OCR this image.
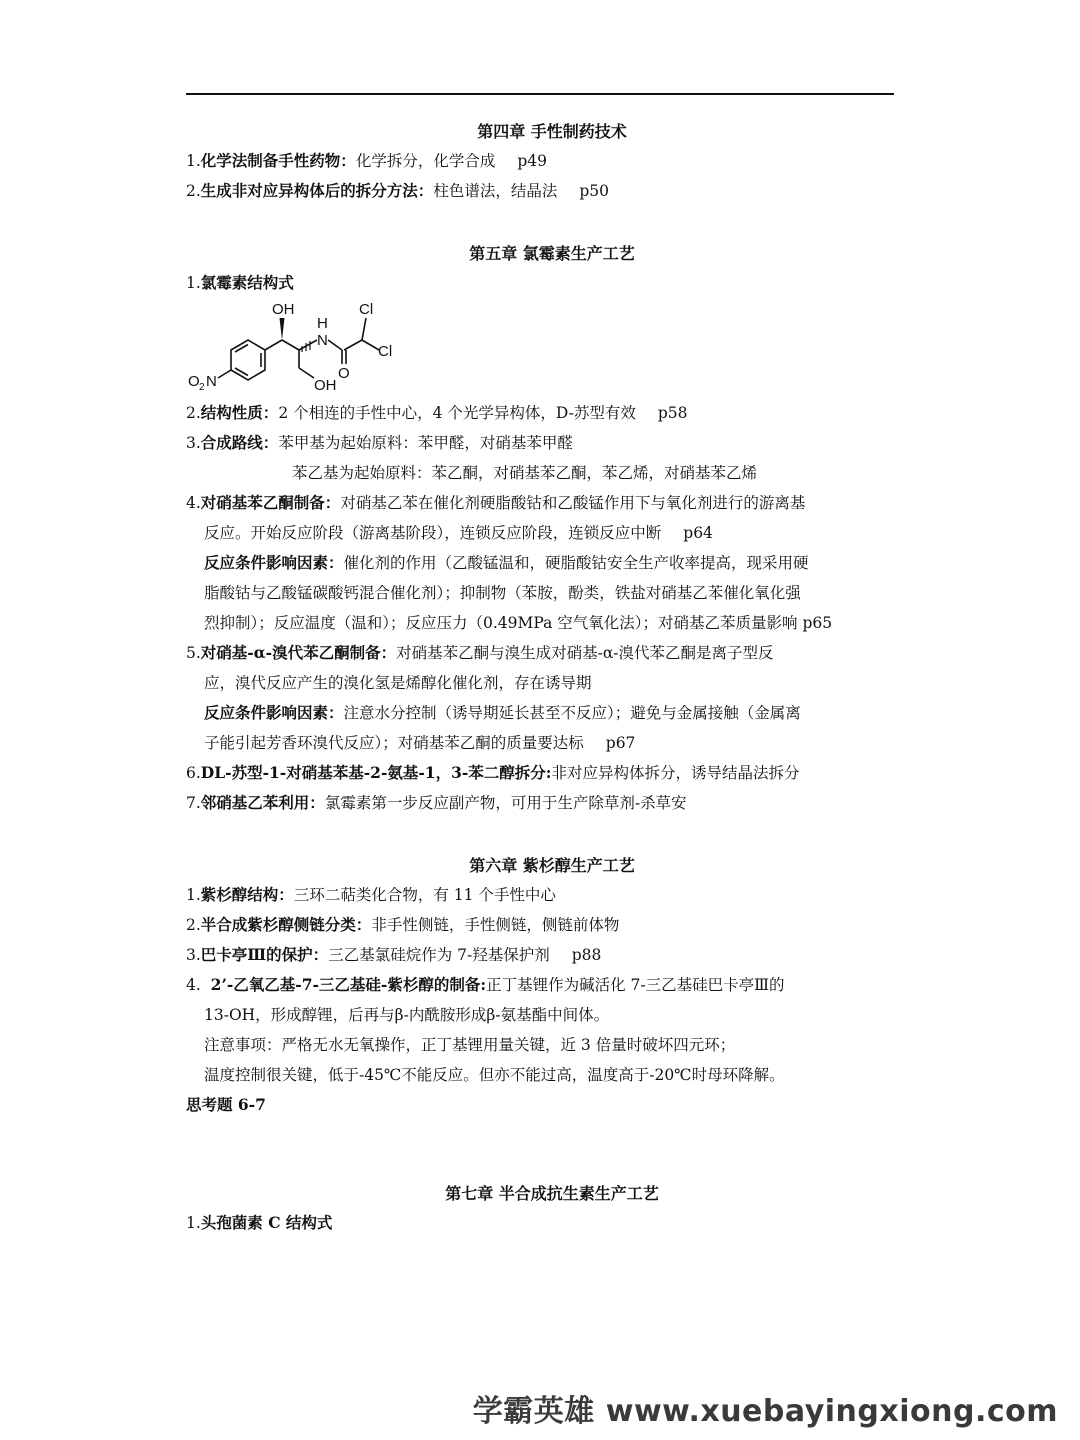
第四章 手性制药技术
1.化学法制备手性药物：化学拆分，化学合成 p49
2.生成非对应异构体后的拆分方法：柱色谱法，结晶法 p50
第五章 氯霉素生产工艺
1.氯霉素结构式
OH
H
N
Cl
Cl
O
OH
O 2 N
2.结构性质：2 个相连的手性中心，4 个光学异构体，D-苏型有效 p58
3.合成路线：苯甲基为起始原料：苯甲醛，对硝基苯甲醛
苯乙基为起始原料：苯乙酮，对硝基苯乙酮，苯乙烯，对硝基苯乙烯
4.对硝基苯乙酮制备：对硝基乙苯在催化剂硬脂酸钴和乙酸锰作用下与氧化剂进行的游离基
反应。开始反应阶段（游离基阶段），连锁反应阶段，连锁反应中断 p64
反应条件影响因素：催化剂的作用（乙酸锰温和，硬脂酸钴安全生产收率提高，现采用硬
脂酸钴与乙酸锰碳酸钙混合催化剂）；抑制物（苯胺，酚类，铁盐对硝基乙苯催化氧化强
烈抑制）；反应温度（温和）；反应压力（0.49MPa 空气氧化法）；对硝基乙苯质量影响 p65
5.对硝基-α-溴代苯乙酮制备：对硝基苯乙酮与溴生成对硝基-α-溴代苯乙酮是离子型反
应，溴代反应产生的溴化氢是烯醇化催化剂，存在诱导期
反应条件影响因素：注意水分控制（诱导期延长甚至不反应）；避免与金属接触（金属离
子能引起芳香环溴代反应）；对硝基苯乙酮的质量要达标 p67
6.DL-苏型-1-对硝基苯基-2-氨基-1，3-苯二醇拆分:非对应异构体拆分，诱导结晶法拆分
7.邻硝基乙苯利用：氯霉素第一步反应副产物，可用于生产除草剂-杀草安
第六章 紫杉醇生产工艺
1.紫杉醇结构：三环二萜类化合物，有 11 个手性中心
2.半合成紫杉醇侧链分类：非手性侧链，手性侧链，侧链前体物
3.巴卡亭Ⅲ的保护：三乙基氯硅烷作为 7-羟基保护剂 p88
4. 2’-乙氧乙基-7-三乙基硅-紫杉醇的制备:正丁基锂作为碱活化 7-三乙基硅巴卡亭Ⅲ的
13-OH，形成醇锂，后再与β-内酰胺形成β-氨基酯中间体。
注意事项：严格无水无氧操作，正丁基锂用量关键，近 3 倍量时破坏四元环；
温度控制很关键，低于-45℃不能反应。但亦不能过高，温度高于-20℃时母环降解。
思考题 6-7
第七章 半合成抗生素生产工艺
1.头孢菌素 C 结构式
学霸英雄 www.xuebayingxiong.com
